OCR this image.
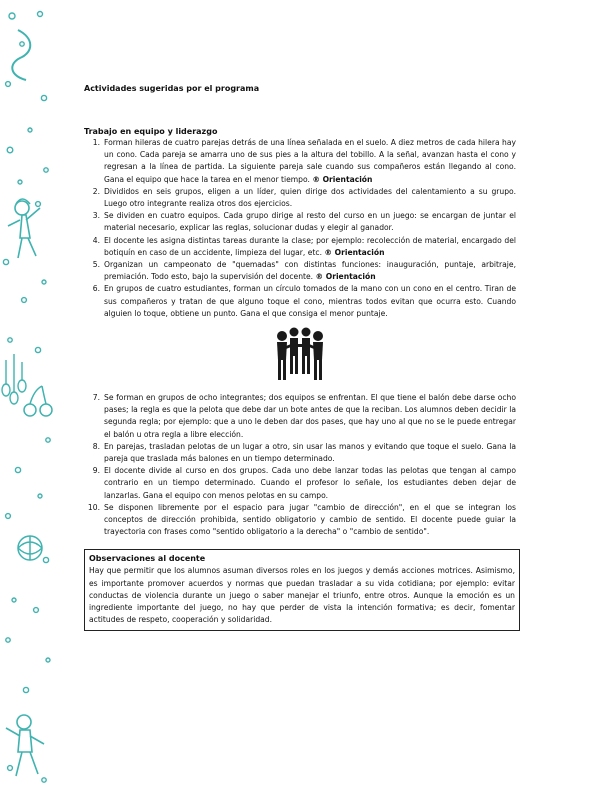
Actividades sugeridas por el programa
Trabajo en equipo y liderazgo
1. Forman hileras de cuatro parejas detrás de una línea señalada en el suelo. A diez metros de cada hilera hay un cono. Cada pareja se amarra uno de sus pies a la altura del tobillo. A la señal, avanzan hasta el cono y regresan a la línea de partida. La siguiente pareja sale cuando sus compañeros están llegando al cono. Gana el equipo que hace la tarea en el menor tiempo. ® Orientación
2. Divididos en seis grupos, eligen a un líder, quien dirige dos actividades del calentamiento a su grupo. Luego otro integrante realiza otros dos ejercicios.
3. Se dividen en cuatro equipos. Cada grupo dirige al resto del curso en un juego: se encargan de juntar el material necesario, explicar las reglas, solucionar dudas y elegir al ganador.
4. El docente les asigna distintas tareas durante la clase; por ejemplo: recolección de material, encargado del botiquín en caso de un accidente, limpieza del lugar, etc. ® Orientación
5. Organizan un campeonato de "quemadas" con distintas funciones: inauguración, puntaje, arbitraje, premiación. Todo esto, bajo la supervisión del docente. ® Orientación
6. En grupos de cuatro estudiantes, forman un círculo tomados de la mano con un cono en el centro. Tiran de sus compañeros y tratan de que alguno toque el cono, mientras todos evitan que ocurra esto. Cuando alguien lo toque, obtiene un punto. Gana el que consiga el menor puntaje.
7. Se forman en grupos de ocho integrantes; dos equipos se enfrentan. El que tiene el balón debe darse ocho pases; la regla es que la pelota que debe dar un bote antes de que la reciban. Los alumnos deben decidir la segunda regla; por ejemplo: que a uno le deben dar dos pases, que hay uno al que no se le puede entregar el balón u otra regla a libre elección.
8. En parejas, trasladan pelotas de un lugar a otro, sin usar las manos y evitando que toque el suelo. Gana la pareja que traslada más balones en un tiempo determinado.
9. El docente divide al curso en dos grupos. Cada uno debe lanzar todas las pelotas que tengan al campo contrario en un tiempo determinado. Cuando el profesor lo señale, los estudiantes deben dejar de lanzarlas. Gana el equipo con menos pelotas en su campo.
10. Se disponen libremente por el espacio para jugar "cambio de dirección", en el que se integran los conceptos de dirección prohibida, sentido obligatorio y cambio de sentido. El docente puede guiar la trayectoria con frases como "sentido obligatorio a la derecha" o "cambio de sentido".
Observaciones al docente
Hay que permitir que los alumnos asuman diversos roles en los juegos y demás acciones motrices. Asimismo, es importante promover acuerdos y normas que puedan trasladar a su vida cotidiana; por ejemplo: evitar conductas de violencia durante un juego o saber manejar el triunfo, entre otros. Aunque la emoción es un ingrediente importante del juego, no hay que perder de vista la intención formativa; es decir, fomentar actitudes de respeto, cooperación y solidaridad.
